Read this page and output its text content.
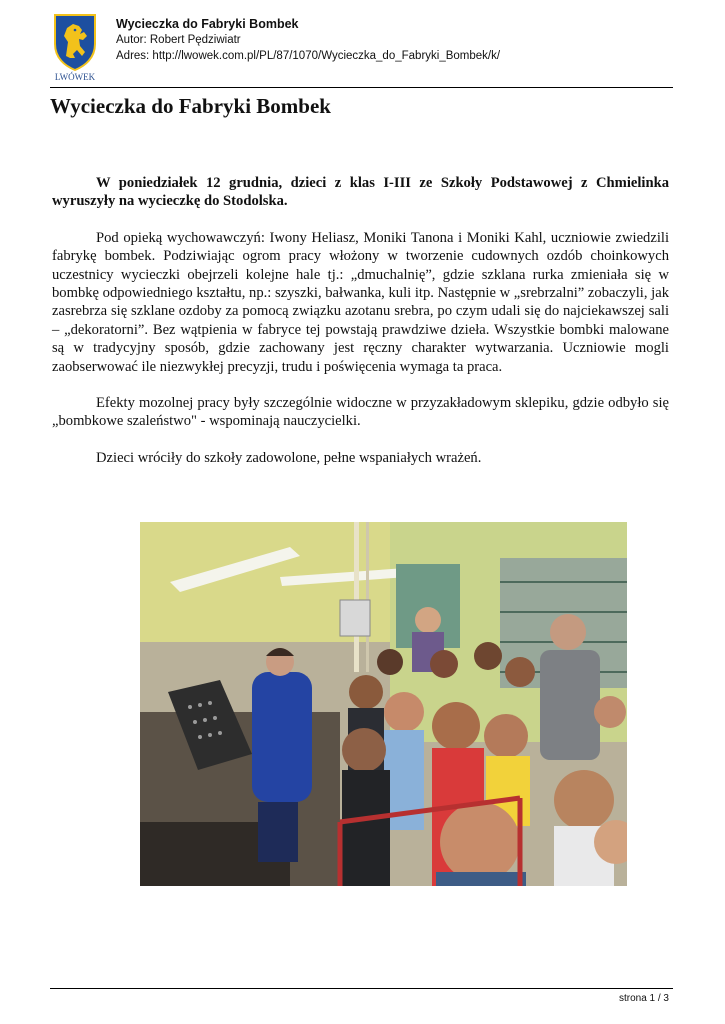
LWÓWEK
Wycieczka do Fabryki Bombek
Autor: Robert Pędziwiatr
Adres: http://lwowek.com.pl/PL/87/1070/Wycieczka_do_Fabryki_Bombek/k/
Wycieczka do Fabryki Bombek

W poniedziałek 12 grudnia, dzieci z klas I-III ze Szkoły Podstawowej z Chmielinka wyruszyły na wycieczkę do Stodolska.

Pod opieką wychowawczyń: Iwony Heliasz, Moniki Tanona i Moniki Kahl, uczniowie zwiedzili fabrykę bombek. Podziwiając ogrom pracy włożony w tworzenie cudownych ozdób choinkowych uczestnicy wycieczki obejrzeli kolejne hale tj.: „dmuchalnię”, gdzie szklana rurka zmieniała się w bombkę odpowiedniego kształtu, np.: szyszki, bałwanka, kuli itp. Następnie w „srebrzalni” zobaczyli, jak zasrebrza się szklane ozdoby za pomocą związku azotanu srebra, po czym udali się do najciekawszej sali – „dekoratorni”. Bez wątpienia w fabryce tej powstają prawdziwe dzieła. Wszystkie bombki malowane są w tradycyjny sposób, gdzie zachowany jest ręczny charakter wytwarzania. Uczniowie mogli zaobserwować ile niezwykłej precyzji, trudu i poświęcenia wymaga ta praca.

Efekty mozolnej pracy były szczególnie widoczne w przyzakładowym sklepiku, gdzie odbyło się „bombkowe szaleństwo" - wspominają nauczycielki.

Dzieci wróciły do szkoły zadowolone, pełne wspaniałych wrażeń.

strona 1 / 3
